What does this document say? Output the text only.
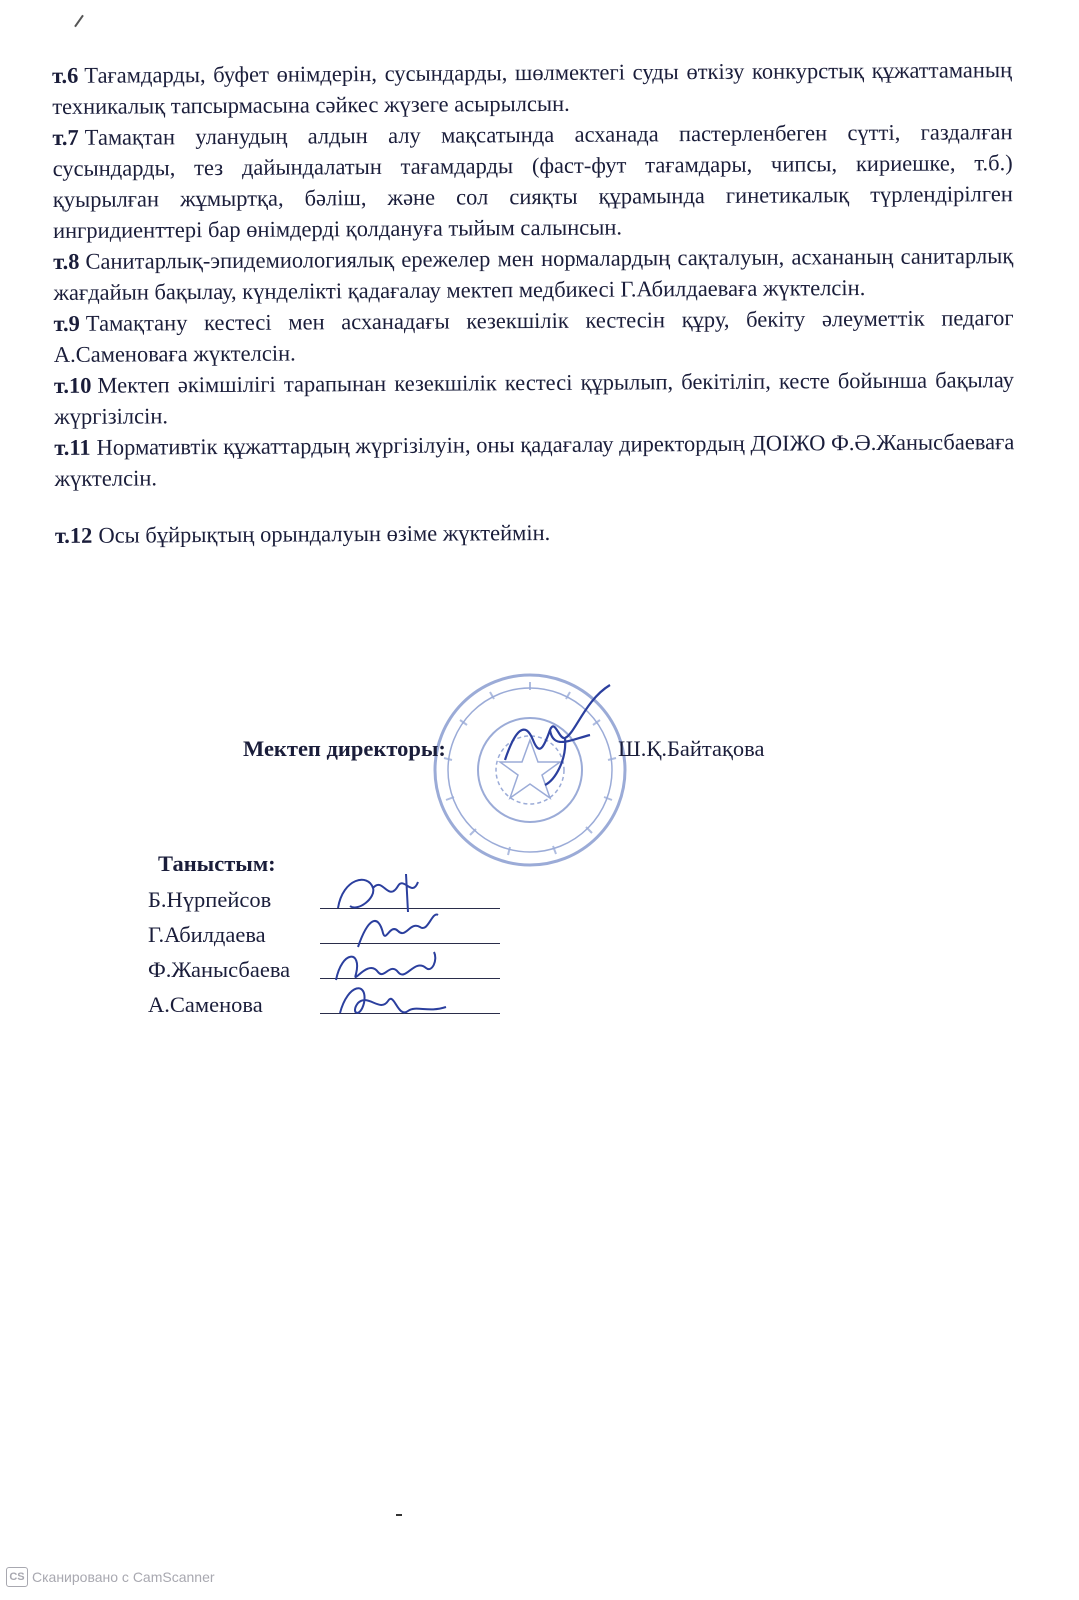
т.6 Тағамдарды, буфет өнімдерін, сусындарды, шөлмектегі суды өткізу конкурстық құжаттаманың техникалық тапсырмасына сәйкес жүзеге асырылсын.

т.7 Тамақтан уланудың алдын алу мақсатында асханада пастерленбеген сүтті, газдалған сусындарды, тез дайындалатын тағамдарды (фаст-фут тағамдары, чипсы, кириешке, т.б.) қуырылған жұмыртқа, бәліш, және сол сияқты құрамында гинетикалық түрлендірілген ингридиенттері бар өнімдерді қолдануға тыйым салынсын.

т.8 Санитарлық-эпидемиологиялық ережелер мен нормалардың сақталуын, асхананың санитарлық жағдайын бақылау, күнделікті қадағалау мектеп медбикесі Г.Абилдаеваға жүктелсін.

т.9 Тамақтану кестесі мен асханадағы кезекшілік кестесін құру, бекіту әлеуметтік педагог А.Саменоваға жүктелсін.

т.10 Мектеп әкімшілігі тарапынан кезекшілік кестесі құрылып, бекітіліп, кесте бойынша бақылау жүргізілсін.

т.11 Нормативтік құжаттардың жүргізілуін, оны қадағалау директордың ДОІЖО Ф.Ә.Жанысбаеваға жүктелсін.

т.12 Осы бұйрықтың орындалуын өзіме жүктеймін.

Мектеп директоры:	Ш.Қ.Байтақова
Таныстым:
Б.Нүрпейсов
Г.Абилдаева
Ф.Жанысбаева
А.Саменова
CS Сканировано с CamScanner
